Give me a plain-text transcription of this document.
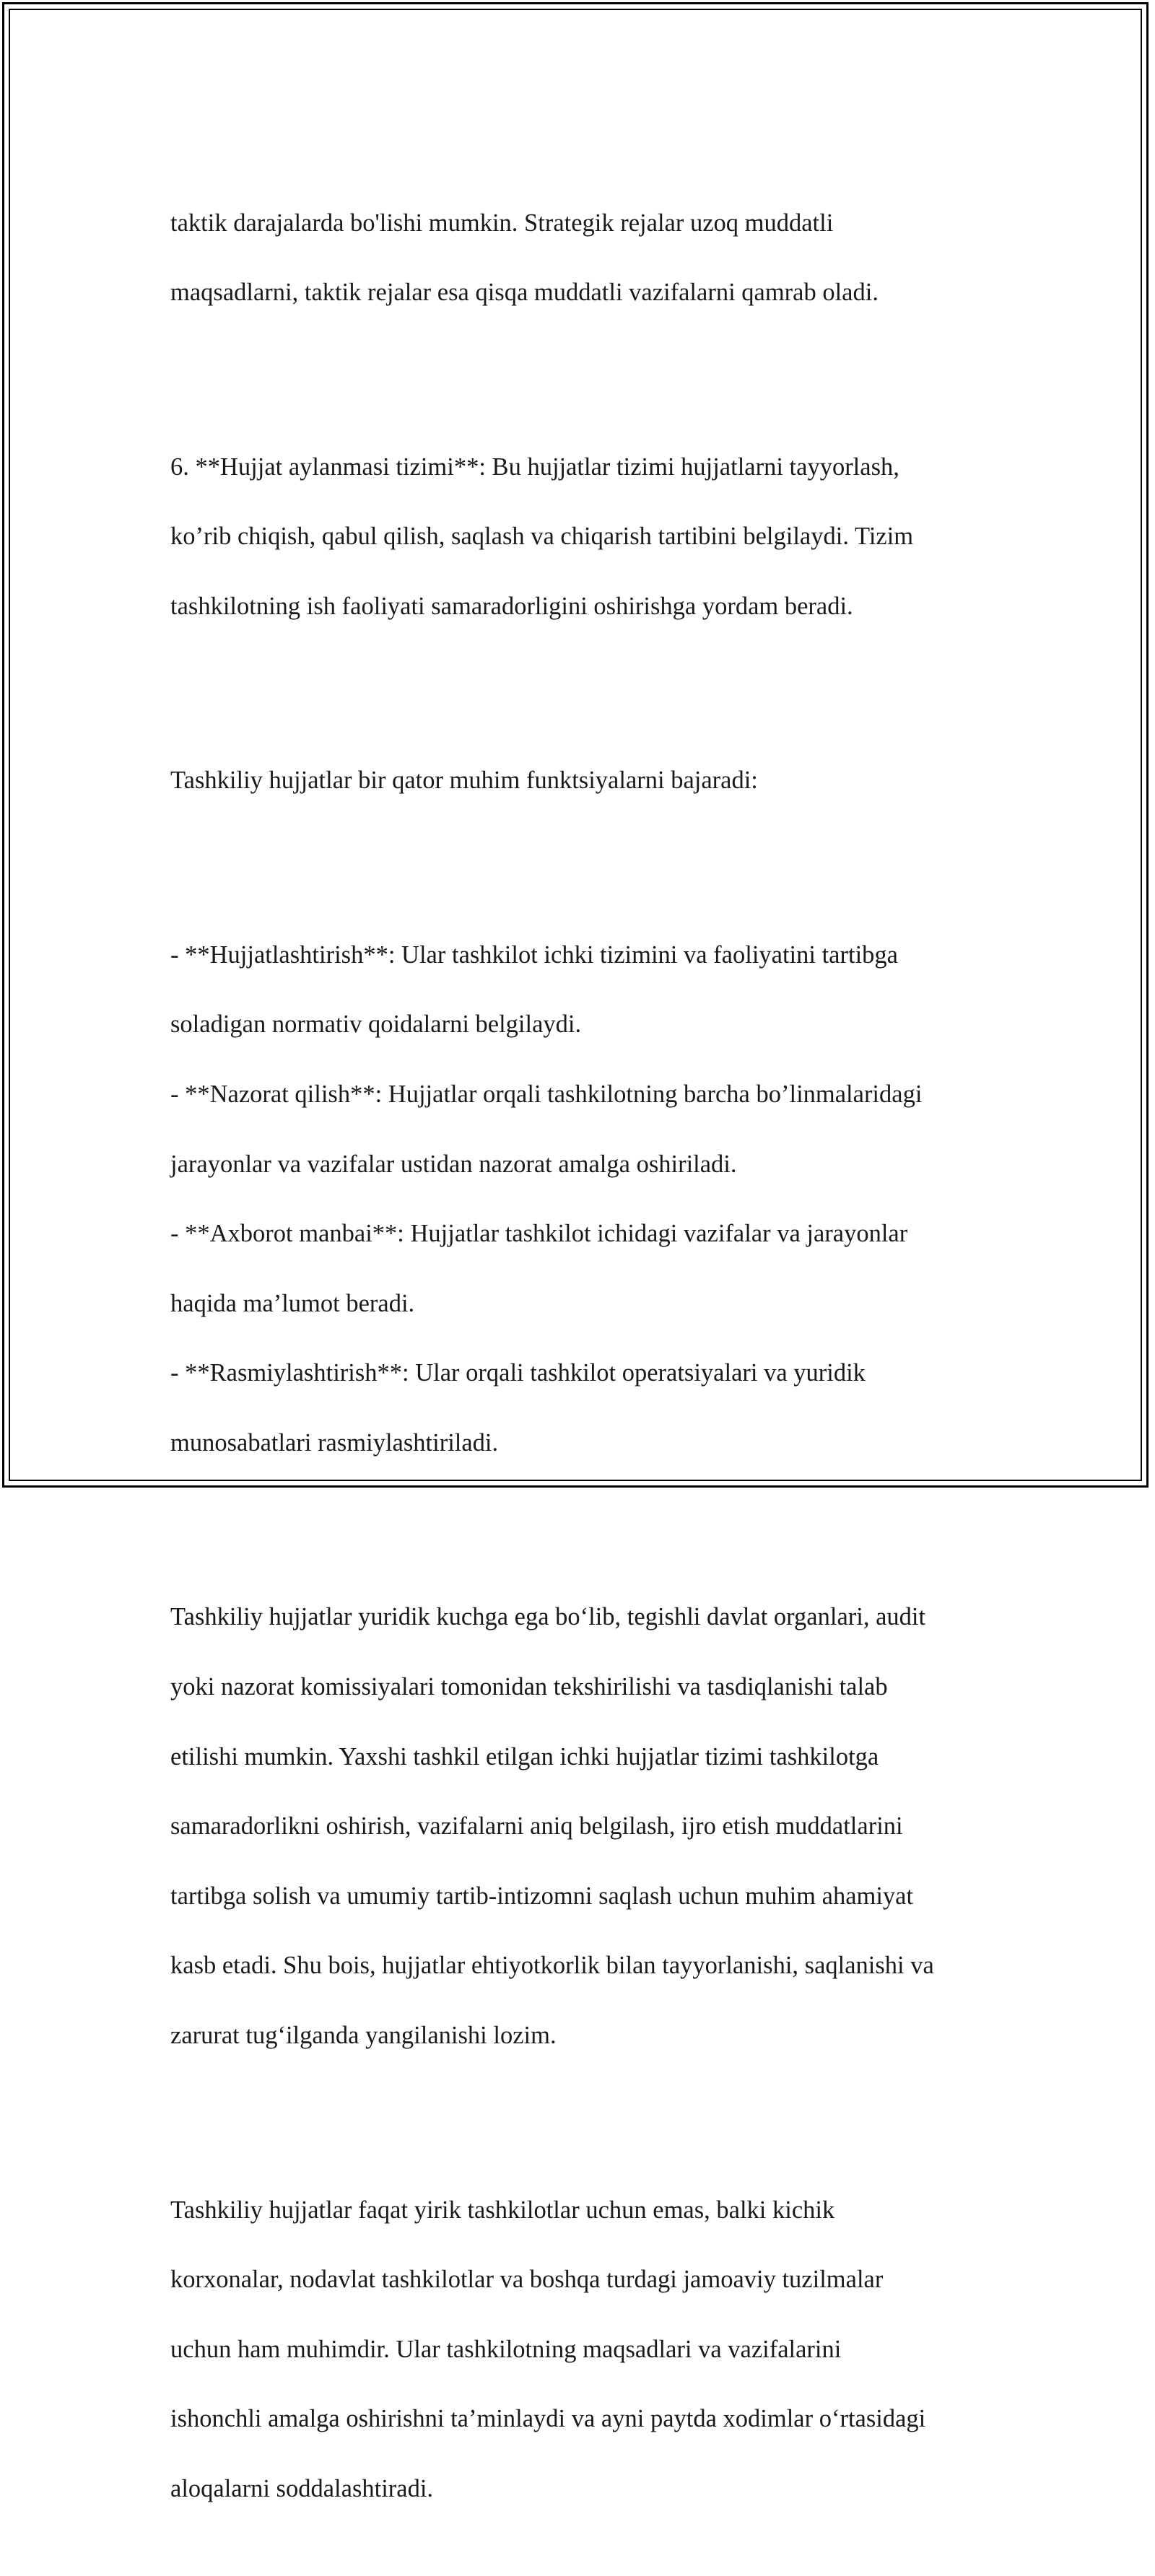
taktik darajalarda bo'lishi mumkin. Strategik rejalar uzoq muddatli

maqsadlarni, taktik rejalar esa qisqa muddatli vazifalarni qamrab oladi.

6. **Hujjat aylanmasi tizimi**: Bu hujjatlar tizimi hujjatlarni tayyorlash,

ko’rib chiqish, qabul qilish, saqlash va chiqarish tartibini belgilaydi. Tizim

tashkilotning ish faoliyati samaradorligini oshirishga yordam beradi.

Tashkiliy hujjatlar bir qator muhim funktsiyalarni bajaradi:

- **Hujjatlashtirish**: Ular tashkilot ichki tizimini va faoliyatini tartibga

soladigan normativ qoidalarni belgilaydi.

- **Nazorat qilish**: Hujjatlar orqali tashkilotning barcha bo’linmalaridagi

jarayonlar va vazifalar ustidan nazorat amalga oshiriladi.

- **Axborot manbai**: Hujjatlar tashkilot ichidagi vazifalar va jarayonlar

haqida ma’lumot beradi.

- **Rasmiylashtirish**: Ular orqali tashkilot operatsiyalari va yuridik

munosabatlari rasmiylashtiriladi.

Tashkiliy hujjatlar yuridik kuchga ega bo‘lib, tegishli davlat organlari, audit

yoki nazorat komissiyalari tomonidan tekshirilishi va tasdiqlanishi talab

etilishi mumkin. Yaxshi tashkil etilgan ichki hujjatlar tizimi tashkilotga

samaradorlikni oshirish, vazifalarni aniq belgilash, ijro etish muddatlarini

tartibga solish va umumiy tartib-intizomni saqlash uchun muhim ahamiyat

kasb etadi. Shu bois, hujjatlar ehtiyotkorlik bilan tayyorlanishi, saqlanishi va

zarurat tug‘ilganda yangilanishi lozim.

Tashkiliy hujjatlar faqat yirik tashkilotlar uchun emas, balki kichik

korxonalar, nodavlat tashkilotlar va boshqa turdagi jamoaviy tuzilmalar

uchun ham muhimdir. Ular tashkilotning maqsadlari va vazifalarini

ishonchli amalga oshirishni ta’minlaydi va ayni paytda xodimlar o‘rtasidagi

aloqalarni soddalashtiradi.
